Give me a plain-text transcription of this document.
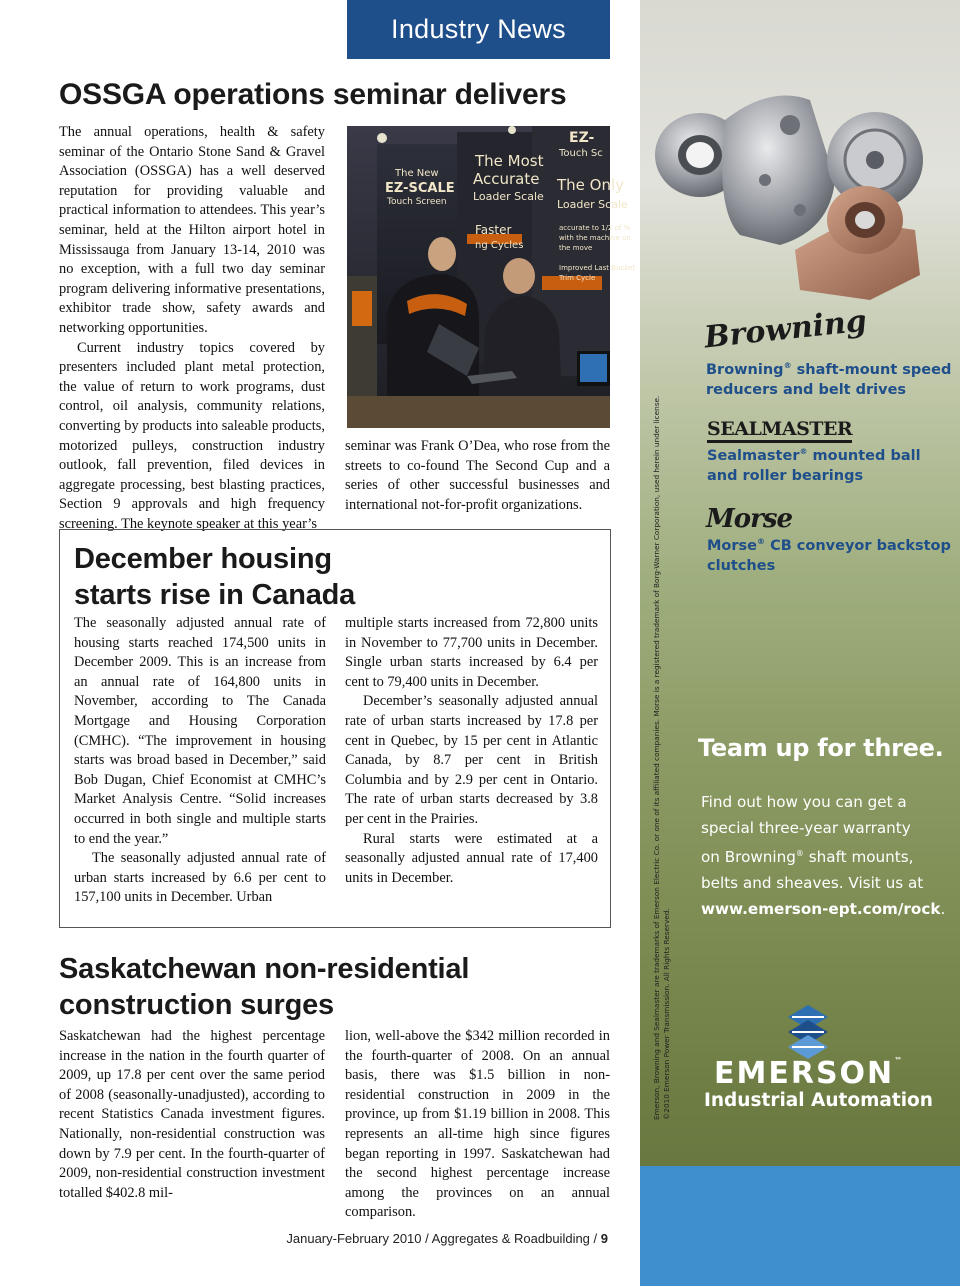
Industry News
OSSGA operations seminar delivers

The annual operations, health & safety seminar of the Ontario Stone Sand & Gravel Association (OSSGA) has a well deserved reputation for providing valuable and practical information to attendees. This year’s seminar, held at the Hilton airport hotel in Mississauga from January 13-14, 2010 was no exception, with a full two day seminar program delivering informative presentations, exhibitor trade show, safety awards and networking opportunities.

Current industry topics covered by presenters included plant metal protection, the value of return to work programs, dust control, oil analysis, community relations, converting by products into saleable products, motorized pulleys, construction industry outlook, fall prevention, filed devices in aggregate processing, best blasting practices, Section 9 approvals and high frequency screening. The keynote speaker at this year’s

The New
EZ-SCALE
Touch Screen
The Most
Accurate
Loader Scale
Faster
ng Cycles
EZ-
Touch Sc
The Only
Loader Scale
accurate to 1/2 of %
with the machine on
the move
Improved Last Bucket
Trim Cycle

seminar was Frank O’Dea, who rose from the streets to co-found The Second Cup and a series of other successful businesses and international not-for-profit organizations.

December housing
starts rise in Canada

The seasonally adjusted annual rate of housing starts reached 174,500 units in December 2009. This is an increase from an annual rate of 164,800 units in November, according to The Canada Mortgage and Housing Corporation (CMHC). “The improvement in housing starts was broad based in December,” said Bob Dugan, Chief Economist at CMHC’s Market Analysis Centre. “Solid increases occurred in both single and multiple starts to end the year.”

The seasonally adjusted annual rate of urban starts increased by 6.6 per cent to 157,100 units in December. Urban

multiple starts increased from 72,800 units in November to 77,700 units in December. Single urban starts increased by 6.4 per cent to 79,400 units in December.

December’s seasonally adjusted annual rate of urban starts increased by 17.8 per cent in Quebec, by 15 per cent in Atlantic Canada, by 8.7 per cent in British Columbia and by 2.9 per cent in Ontario. The rate of urban starts decreased by 3.8 per cent in the Prairies.

Rural starts were estimated at a seasonally adjusted annual rate of 17,400 units in December.

Saskatchewan non-residential
construction surges

Saskatchewan had the highest percentage increase in the nation in the fourth quarter of 2009, up 17.8 per cent over the same period of 2008 (seasonally-unadjusted), according to recent Statistics Canada investment figures. Nationally, non-residential construction was down by 7.9 per cent. In the fourth-quarter of 2009, non-residential construction investment totalled $402.8 mil-

lion, well-above the $342 million recorded in the fourth-quarter of 2008. On an annual basis, there was $1.5 billion in non-residential construction in 2009 in the province, up from $1.19 billion in 2008. This represents an all-time high since figures began reporting in 1997. Saskatchewan had the second highest percentage increase among the provinces on an annual comparison.

January-February 2010 / Aggregates & Roadbuilding / 9
Browning
Browning® shaft-mount speed
reducers and belt drives
SEALMASTER
Sealmaster® mounted ball
and roller bearings
Morse
Morse® CB conveyor backstop
clutches
Emerson, Browning and Sealmaster are trademarks of Emerson Electric Co. or one of its affiliated companies. Morse is a registered trademark of Borg-Warner Corporation, used herein under license. ©2010 Emerson Power Transmission. All Rights Reserved.
Team up for three.
Find out how you can get a
special three-year warranty
on Browning® shaft mounts,
belts and sheaves. Visit us at
www.emerson-ept.com/rock.
EMERSON™
Industrial Automation
